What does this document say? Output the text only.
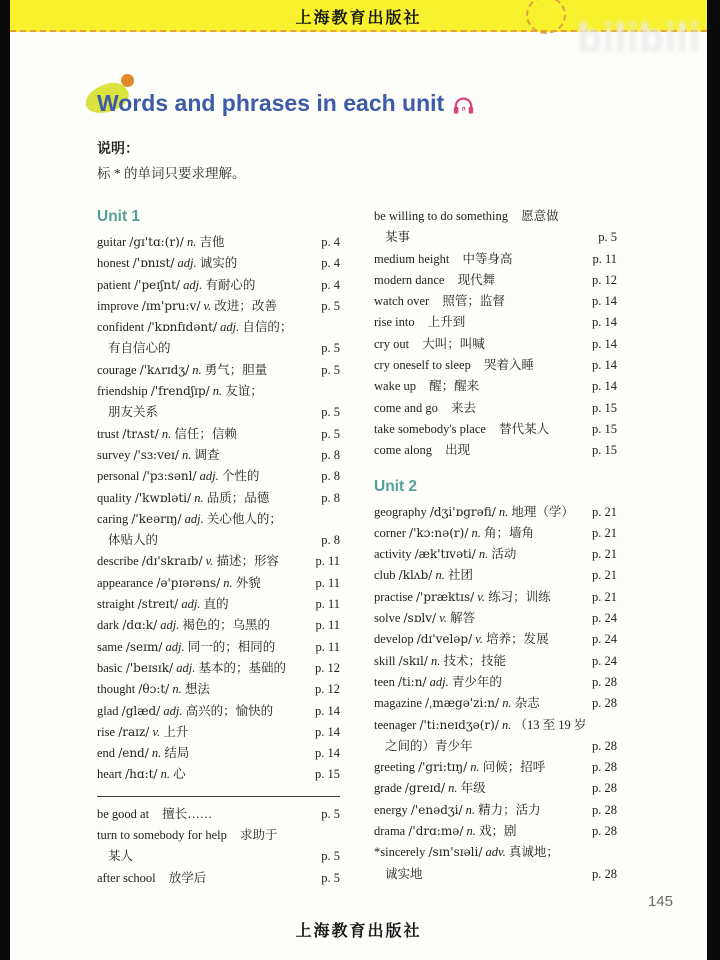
上海教育出版社	bilibili
Words and phrases in each unit
说明：
标 * 的单词只要求理解。
Unit 1
guitar /gɪ'tɑ:(r)/ n. 吉他	p. 4
honest /'ɒnɪst/ adj. 诚实的	p. 4
patient /'peɪʃnt/ adj. 有耐心的	p. 4
improve /ɪm'pru:v/ v. 改进；改善	p. 5
confident /'kɒnfɪdənt/ adj. 自信的；
有自信心的	p. 5
courage /'kʌrɪdʒ/ n. 勇气；胆量	p. 5
friendship /'frendʃɪp/ n. 友谊；
朋友关系	p. 5
trust /trʌst/ n. 信任；信赖	p. 5
survey /'sɜ:veɪ/ n. 调查	p. 8
personal /'pɜ:sənl/ adj. 个性的	p. 8
quality /'kwɒləti/ n. 品质；品德	p. 8
caring /'keərɪŋ/ adj. 关心他人的；
体贴人的	p. 8
describe /dɪ'skraɪb/ v. 描述；形容	p. 11
appearance /ə'pɪərəns/ n. 外貌	p. 11
straight /streɪt/ adj. 直的	p. 11
dark /dɑ:k/ adj. 褐色的；乌黑的	p. 11
same /seɪm/ adj. 同一的；相同的	p. 11
basic /'beɪsɪk/ adj. 基本的；基础的 p. 12
thought /θɔ:t/ n. 想法	p. 12
glad /glæd/ adj. 高兴的；愉快的	p. 14
rise /raɪz/ v. 上升	p. 14
end /end/ n. 结局	p. 14
heart /hɑ:t/ n. 心	p. 15
be good at 擅长……	p. 5
turn to somebody for help 求助于
某人	p. 5
after school 放学后	p. 5
be willing to do something 愿意做
某事	p. 5
medium height 中等身高	p. 11
modern dance 现代舞	p. 12
watch over 照管；监督	p. 14
rise into 上升到	p. 14
cry out 大叫；叫喊	p. 14
cry oneself to sleep 哭着入睡	p. 14
wake up 醒；醒来	p. 14
come and go 来去	p. 15
take somebody's place 替代某人	p. 15
come along 出现	p. 15
Unit 2
geography /dʒi'ɒgrəfi/ n. 地理（学） p. 21
corner /'kɔ:nə(r)/ n. 角；墙角	p. 21
activity /æk'tɪvəti/ n. 活动	p. 21
club /klʌb/ n. 社团	p. 21
practise /'præktɪs/ v. 练习；训练	p. 21
solve /sɒlv/ v. 解答	p. 24
develop /dɪ'veləp/ v. 培养；发展	p. 24
skill /skɪl/ n. 技术；技能	p. 24
teen /ti:n/ adj. 青少年的	p. 28
magazine /ˌmægə'zi:n/ n. 杂志	p. 28
teenager /'ti:neɪdʒə(r)/ n. （13 至 19 岁
之间的）青少年	p. 28
greeting /'gri:tɪŋ/ n. 问候；招呼	p. 28
grade /greɪd/ n. 年级	p. 28
energy /'enədʒi/ n. 精力；活力	p. 28
drama /'drɑ:mə/ n. 戏；剧	p. 28
*sincerely /sɪn'sɪəli/ adv. 真诚地；
诚实地	p. 28
145
上海教育出版社
